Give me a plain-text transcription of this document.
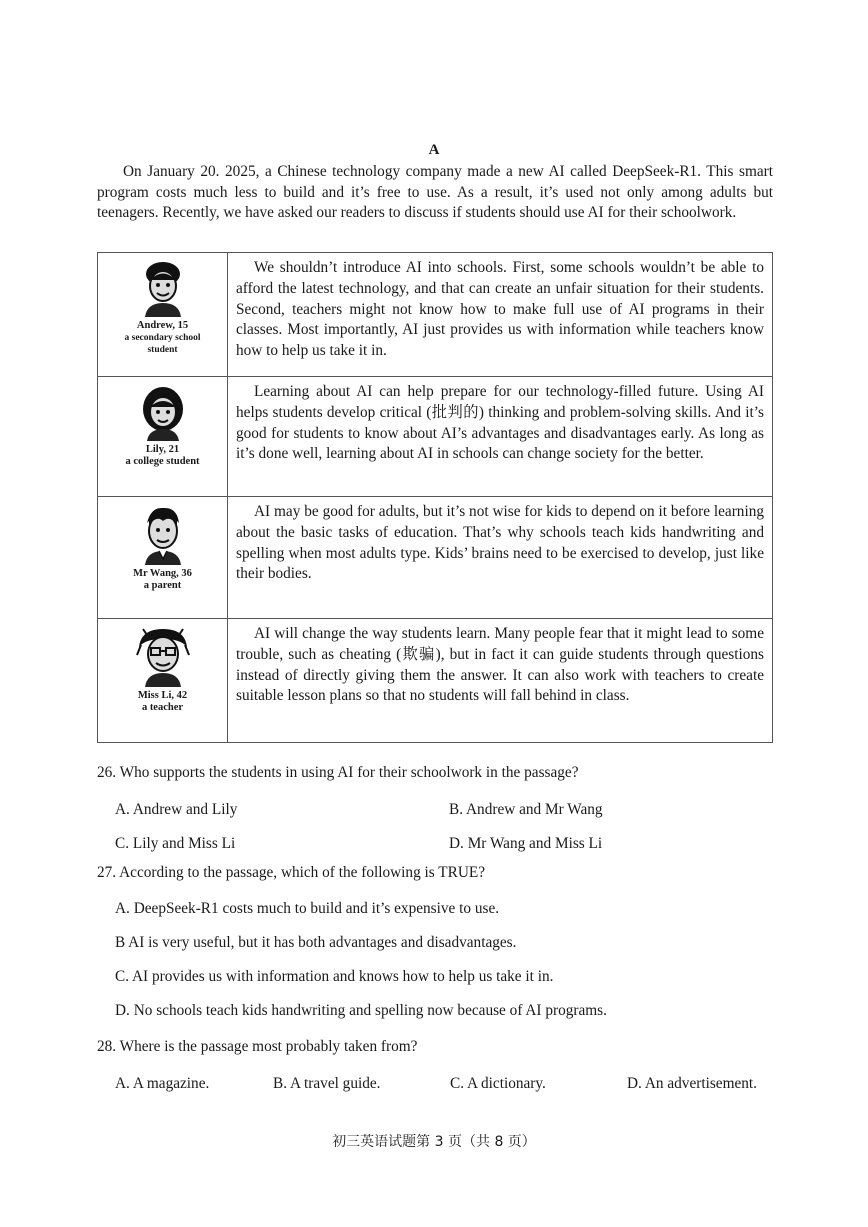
A

On January 20. 2025, a Chinese technology company made a new AI called DeepSeek-R1. This smart program costs much less to build and it’s free to use. As a result, it’s used not only among adults but teenagers. Recently, we have asked our readers to discuss if students should use AI for their schoolwork.

Andrew, 15
a secondary school student	We shouldn’t introduce AI into schools. First, some schools wouldn’t be able to afford the latest technology, and that can create an unfair situation for their students. Second, teachers might not know how to make full use of AI programs in their classes. Most importantly, AI just provides us with information while teachers know how to help us take it in.

Lily, 21
a college student	Learning about AI can help prepare for our technology-filled future. Using AI helps students develop critical (批判的) thinking and problem-solving skills. And it’s good for students to know about AI’s advantages and disadvantages early. As long as it’s done well, learning about AI in schools can change society for the better.

Mr Wang, 36
a parent	AI may be good for adults, but it’s not wise for kids to depend on it before learning about the basic tasks of education. That’s why schools teach kids handwriting and spelling when most adults type. Kids’ brains need to be exercised to develop, just like their bodies.

Miss Li, 42
a teacher	AI will change the way students learn. Many people fear that it might lead to some trouble, such as cheating (欺骗), but in fact it can guide students through questions instead of directly giving them the answer. It can also work with teachers to create suitable lesson plans so that no students will fall behind in class.

26. Who supports the students in using AI for their schoolwork in the passage?
A. Andrew and Lily	B. Andrew and Mr Wang
C. Lily and Miss Li	D. Mr Wang and Miss Li
27. According to the passage, which of the following is TRUE?
A. DeepSeek-R1 costs much to build and it’s expensive to use.
B AI is very useful, but it has both advantages and disadvantages.
C. AI provides us with information and knows how to help us take it in.
D. No schools teach kids handwriting and spelling now because of AI programs.
28. Where is the passage most probably taken from?
A. A magazine.	B. A travel guide.	C. A dictionary.	D. An advertisement.
初三英语试题第 3 页（共 8 页）
